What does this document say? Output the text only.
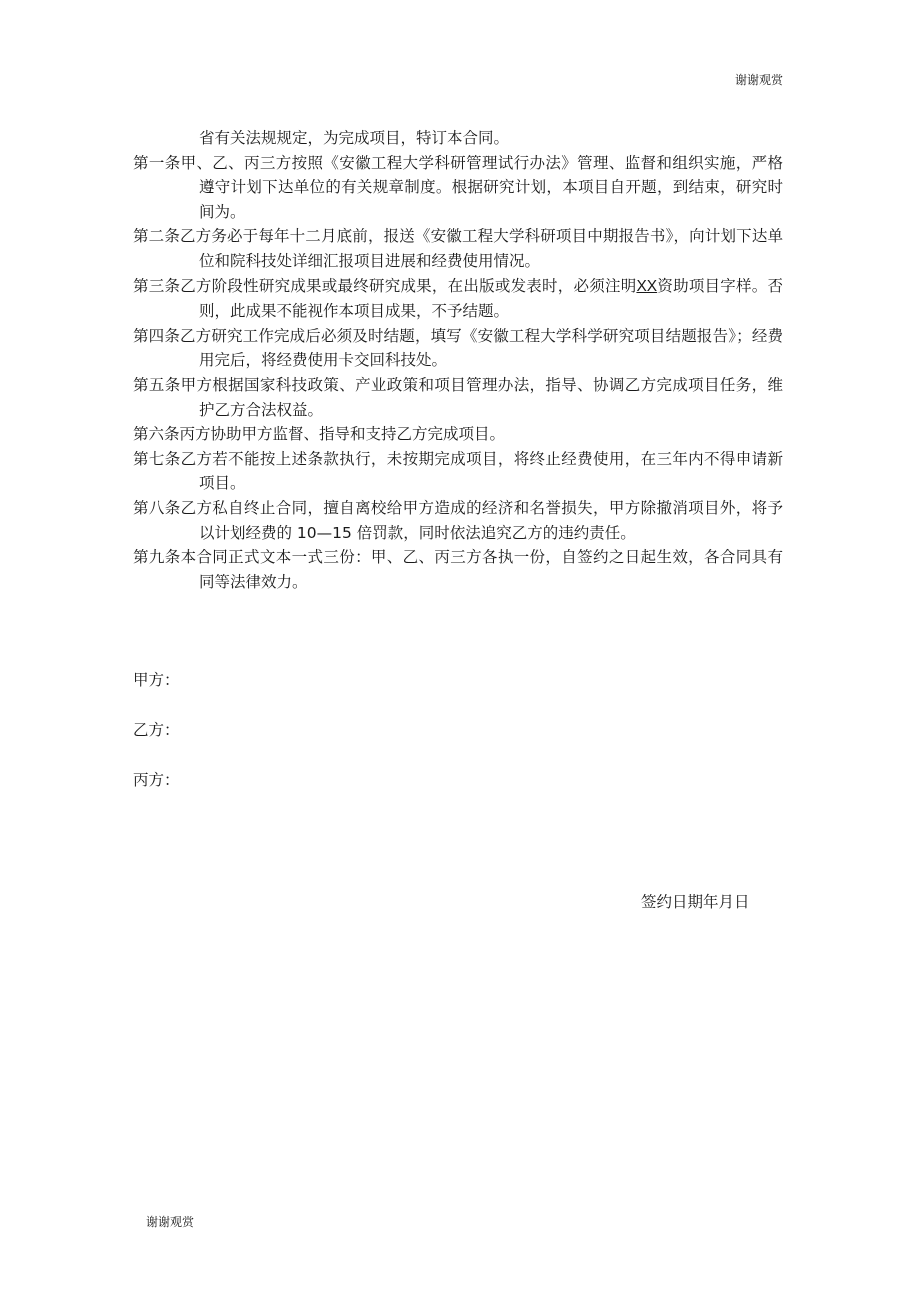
谢谢观赏

省有关法规规定，为完成项目，特订本合同。

第一条甲、乙、丙三方按照《安徽工程大学科研管理试行办法》管理、监督和组织实施，严格遵守计划下达单位的有关规章制度。根据研究计划，本项目自开题，到结束，研究时间为。

第二条乙方务必于每年十二月底前，报送《安徽工程大学科研项目中期报告书》，向计划下达单位和院科技处详细汇报项目进展和经费使用情况。

第三条乙方阶段性研究成果或最终研究成果，在出版或发表时，必须注明XX资助项目字样。否则，此成果不能视作本项目成果，不予结题。

第四条乙方研究工作完成后必须及时结题，填写《安徽工程大学科学研究项目结题报告》；经费用完后，将经费使用卡交回科技处。

第五条甲方根据国家科技政策、产业政策和项目管理办法，指导、协调乙方完成项目任务，维护乙方合法权益。

第六条丙方协助甲方监督、指导和支持乙方完成项目。

第七条乙方若不能按上述条款执行，未按期完成项目，将终止经费使用，在三年内不得申请新项目。

第八条乙方私自终止合同，擅自离校给甲方造成的经济和名誉损失，甲方除撤消项目外，将予以计划经费的 10—15 倍罚款，同时依法追究乙方的违约责任。

第九条本合同正式文本一式三份：甲、乙、丙三方各执一份，自签约之日起生效，各合同具有同等法律效力。

甲方：
乙方：
丙方：
签约日期年月日
谢谢观赏
